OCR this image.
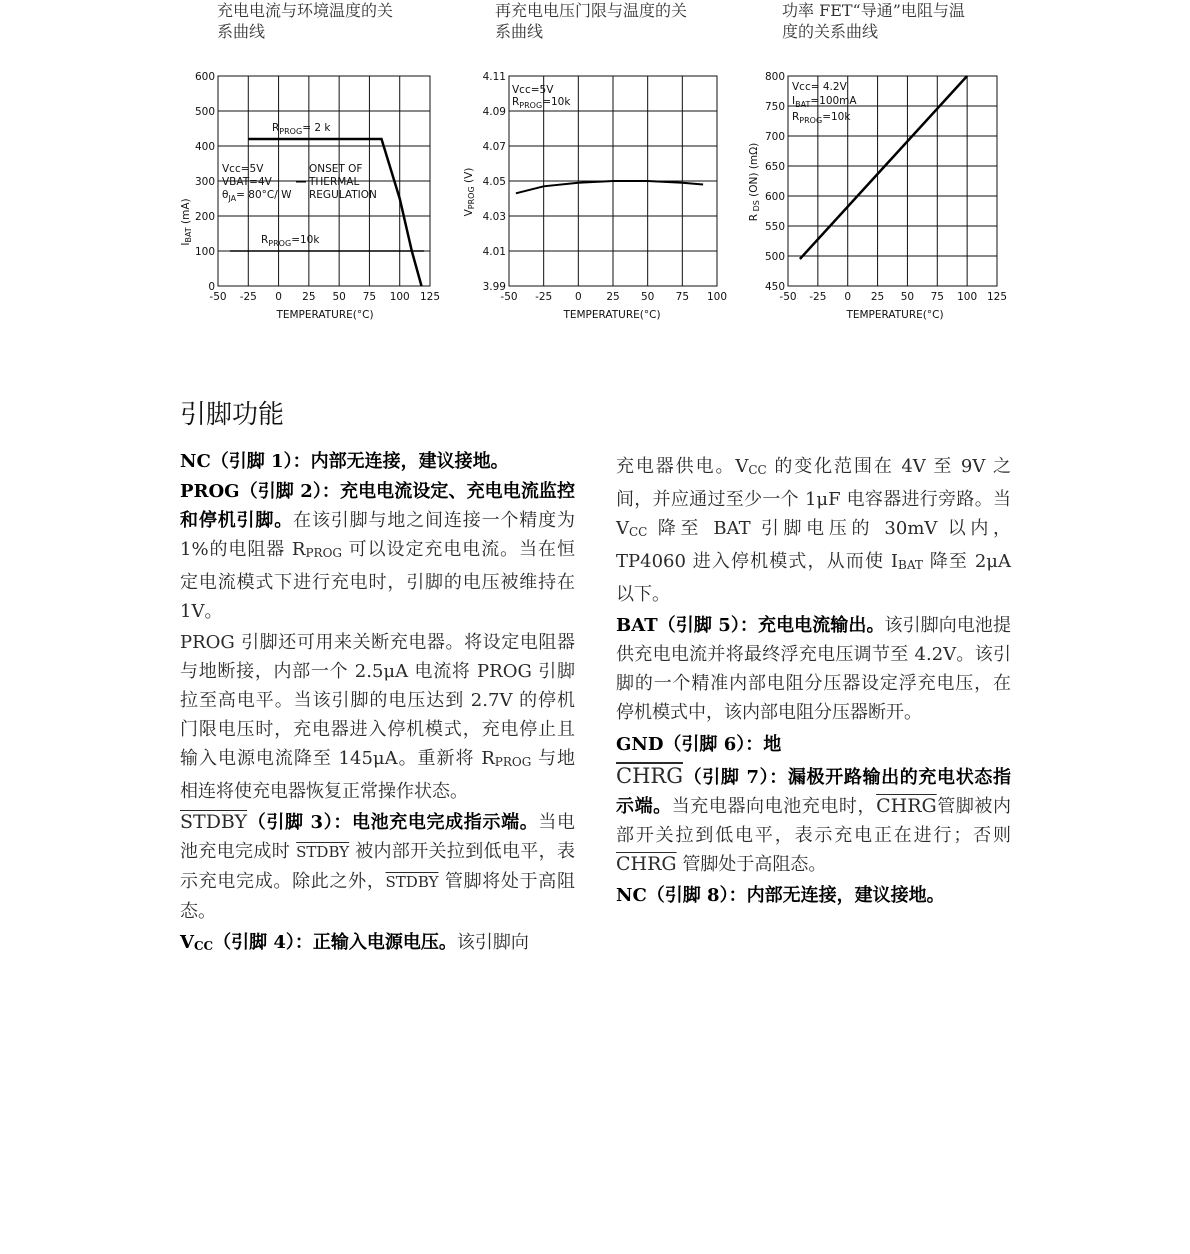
充电电流与环境温度的关
系曲线
再充电电压门限与温度的关
系曲线
功率 FET“导通”电阻与温
度的关系曲线
-50 -25 0 25 50 75 100 125
0
100
200
300
400
500
600
TEMPERATURE(°C)
IBAT (mA)
$R_{PROG}= 2$ k
$R_{PROG}=10k$
Vcc=5V
VBAT=4V
$\theta_{JA}= 80^\circ C/$ W
ONSET OF
THERMAL
REGULATION
-50 -25 0 25 50 75 100
3.99
4.01
4.03
4.05
4.07
4.09
4.11
TEMPERATURE(°C)
VPROG (V)
Vcc=5V
$R_{PROG}=10k$
-50 -25 0 25 50 75 100 125
450
500
550
600
650
700
750
800
TEMPERATURE(°C)
R DS (ON) (mΩ)
Vcc= 4.2V
$I_{BAT}=100mA$
$R_{PROG}=10k$
引脚功能

NC（引脚 1）：内部无连接，建议接地。

PROG（引脚 2）：充电电流设定、充电电流监控和停机引脚。在该引脚与地之间连接一个精度为 1%的电阻器 $R_{PROG}$ 可以设定充电电流。当在恒定电流模式下进行充电时，引脚的电压被维持在 1V。

PROG 引脚还可用来关断充电器。将设定电阻器与地断接，内部一个 2.5μA 电流将 PROG 引脚拉至高电平。当该引脚的电压达到 2.7V 的停机门限电压时，充电器进入停机模式，充电停止且输入电源电流降至 145μA。重新将 $R_{PROG}$ 与地相连将使充电器恢复正常操作状态。

STDBY（引脚 3）：电池充电完成指示端。当电池充电完成时 STDBY 被内部开关拉到低电平，表示充电完成。除此之外，STDBY 管脚将处于高阻态。

$V_{CC}$（引脚 4）：正输入电源电压。该引脚向

充电器供电。$V_{CC}$ 的变化范围在 4V 至 9V 之间，并应通过至少一个 1μF 电容器进行旁路。当 $V_{CC}$ 降至 BAT 引脚电压的 30mV 以内，TP4060 进入停机模式，从而使 $I_{BAT}$ 降至 2μA 以下。

BAT（引脚 5）：充电电流输出。该引脚向电池提供充电电流并将最终浮充电压调节至 4.2V。该引脚的一个精准内部电阻分压器设定浮充电压，在停机模式中，该内部电阻分压器断开。

GND（引脚 6）：地

CHRG（引脚 7）：漏极开路输出的充电状态指示端。当充电器向电池充电时，CHRG管脚被内部开关拉到低电平，表示充电正在进行；否则CHRG 管脚处于高阻态。

NC（引脚 8）：内部无连接，建议接地。
